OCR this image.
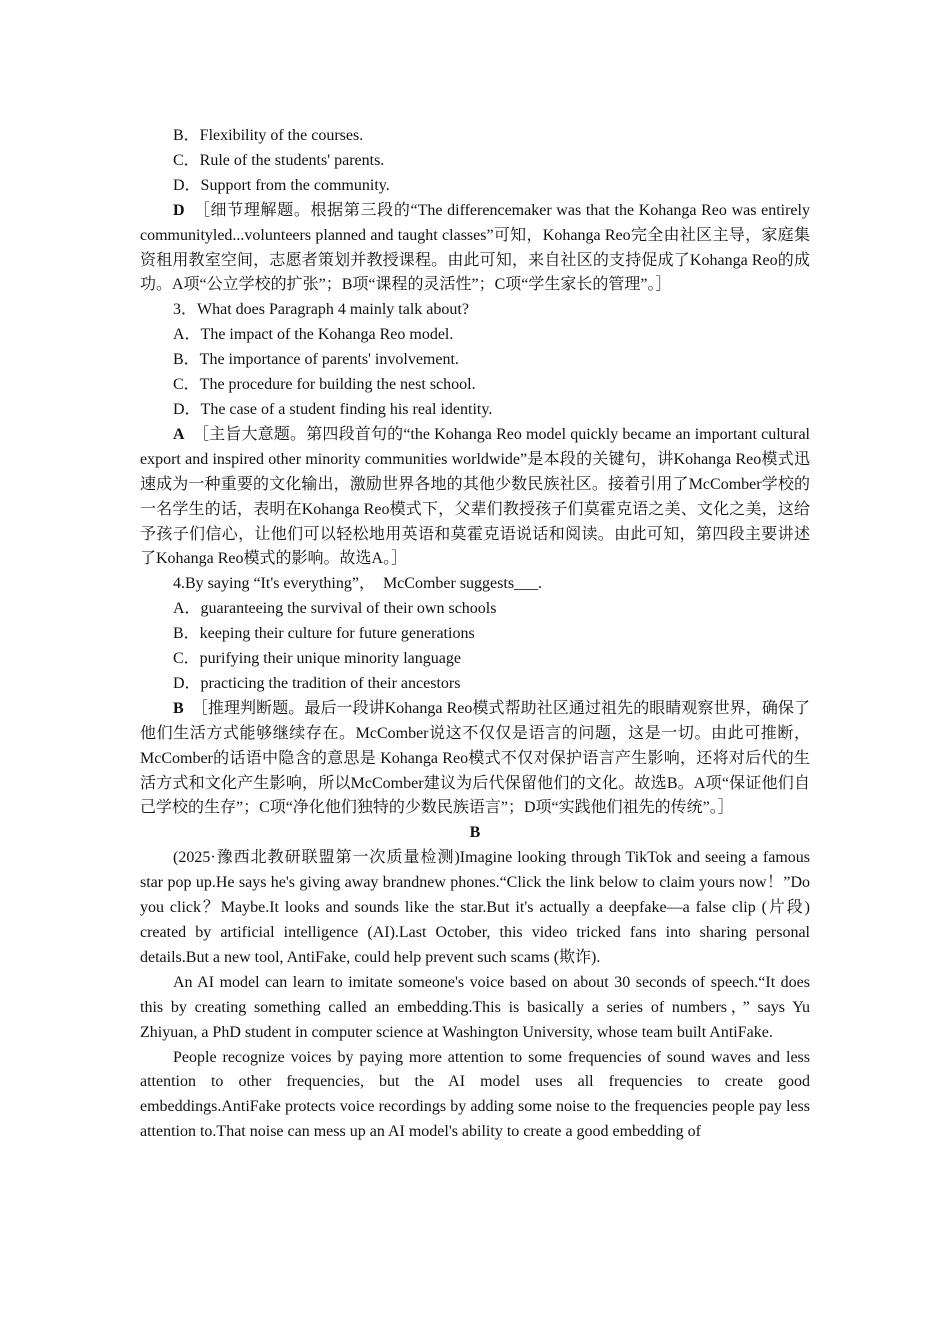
B．Flexibility of the courses.

C．Rule of the students' parents.

D．Support from the community.

D　 ［细节理解题。根据第三段的“The differencemaker was that the Kohanga Reo was entirely communityled...volunteers planned and taught classes”可知，Kohanga Reo完全由社区主导，家庭集资租用教室空间，志愿者策划并教授课程。由此可知，来自社区的支持促成了Kohanga Reo的成功。A项“公立学校的扩张”；B项“课程的灵活性”；C项“学生家长的管理”。］

3．What does Paragraph 4 mainly talk about?

A．The impact of the Kohanga Reo model.

B．The importance of parents' involvement.

C．The procedure for building the nest school.

D．The case of a student finding his real identity.

A　 ［主旨大意题。第四段首句的“the Kohanga Reo model quickly became an important cultural export and inspired other minority communities worldwide”是本段的关键句，讲Kohanga Reo模式迅速成为一种重要的文化输出，激励世界各地的其他少数民族社区。接着引用了McComber学校的一名学生的话，表明在Kohanga Reo模式下，父辈们教授孩子们莫霍克语之美、文化之美，这给予孩子们信心，让他们可以轻松地用英语和莫霍克语说话和阅读。由此可知，第四段主要讲述了Kohanga Reo模式的影响。故选A。］

4.By saying “It's everything”，　McComber suggests___.

A．guaranteeing the survival of their own schools

B．keeping their culture for future generations

C．purifying their unique minority language

D．practicing the tradition of their ancestors

B　 ［推理判断题。最后一段讲Kohanga Reo模式帮助社区通过祖先的眼睛观察世界，确保了他们生活方式能够继续存在。McComber说这不仅仅是语言的问题，这是一切。由此可推断，McComber的话语中隐含的意思是 Kohanga Reo模式不仅对保护语言产生影响，还将对后代的生活方式和文化产生影响，所以McComber建议为后代保留他们的文化。故选B。A项“保证他们自己学校的生存”；C项“净化他们独特的少数民族语言”；D项“实践他们祖先的传统”。］

B

(2025·豫西北教研联盟第一次质量检测)Imagine looking through TikTok and seeing a famous star pop up.He says he's giving away brandnew phones.“Click the link below to claim yours now！”Do you click？Maybe.It looks and sounds like the star.But it's actually a deepfake—a false clip (片段) created by artificial intelligence (AI).Last October, this video tricked fans into sharing personal details.But a new tool, AntiFake, could help prevent such scams (欺诈).

An AI model can learn to imitate someone's voice based on about 30 seconds of speech.“It does this by creating something called an embedding.This is basically a series of numbers，” says Yu Zhiyuan, a PhD student in computer science at Washington University, whose team built AntiFake.

People recognize voices by paying more attention to some frequencies of sound waves and less attention to other frequencies, but the AI model uses all frequencies to create good embeddings.AntiFake protects voice recordings by adding some noise to the frequencies people pay less attention to.That noise can mess up an AI model's ability to create a good embedding of
